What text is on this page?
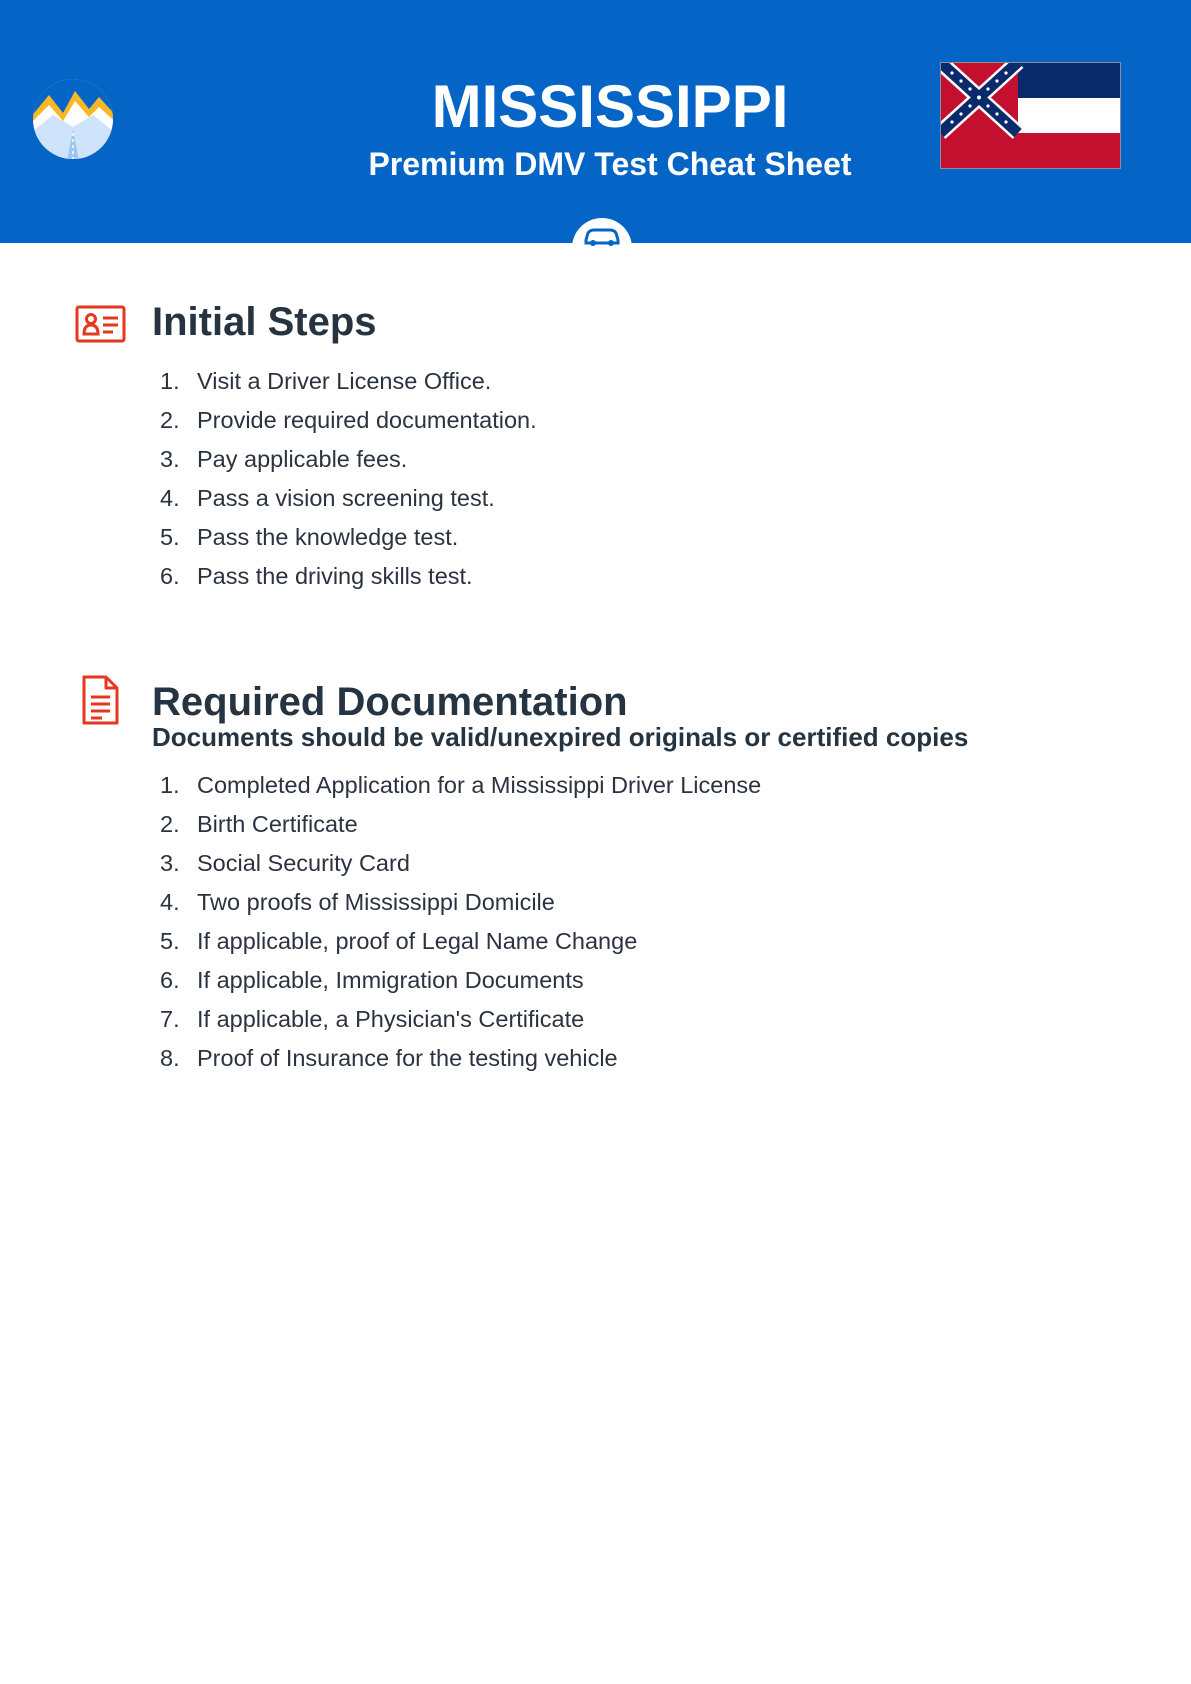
MISSISSIPPI
Premium DMV Test Cheat Sheet
Initial Steps
1. Visit a Driver License Office.
2. Provide required documentation.
3. Pay applicable fees.
4. Pass a vision screening test.
5. Pass the knowledge test.
6. Pass the driving skills test.
Required Documentation
Documents should be valid/unexpired originals or certified copies
1. Completed Application for a Mississippi Driver License
2. Birth Certificate
3. Social Security Card
4. Two proofs of Mississippi Domicile
5. If applicable, proof of Legal Name Change
6. If applicable, Immigration Documents
7. If applicable, a Physician's Certificate
8. Proof of Insurance for the testing vehicle
